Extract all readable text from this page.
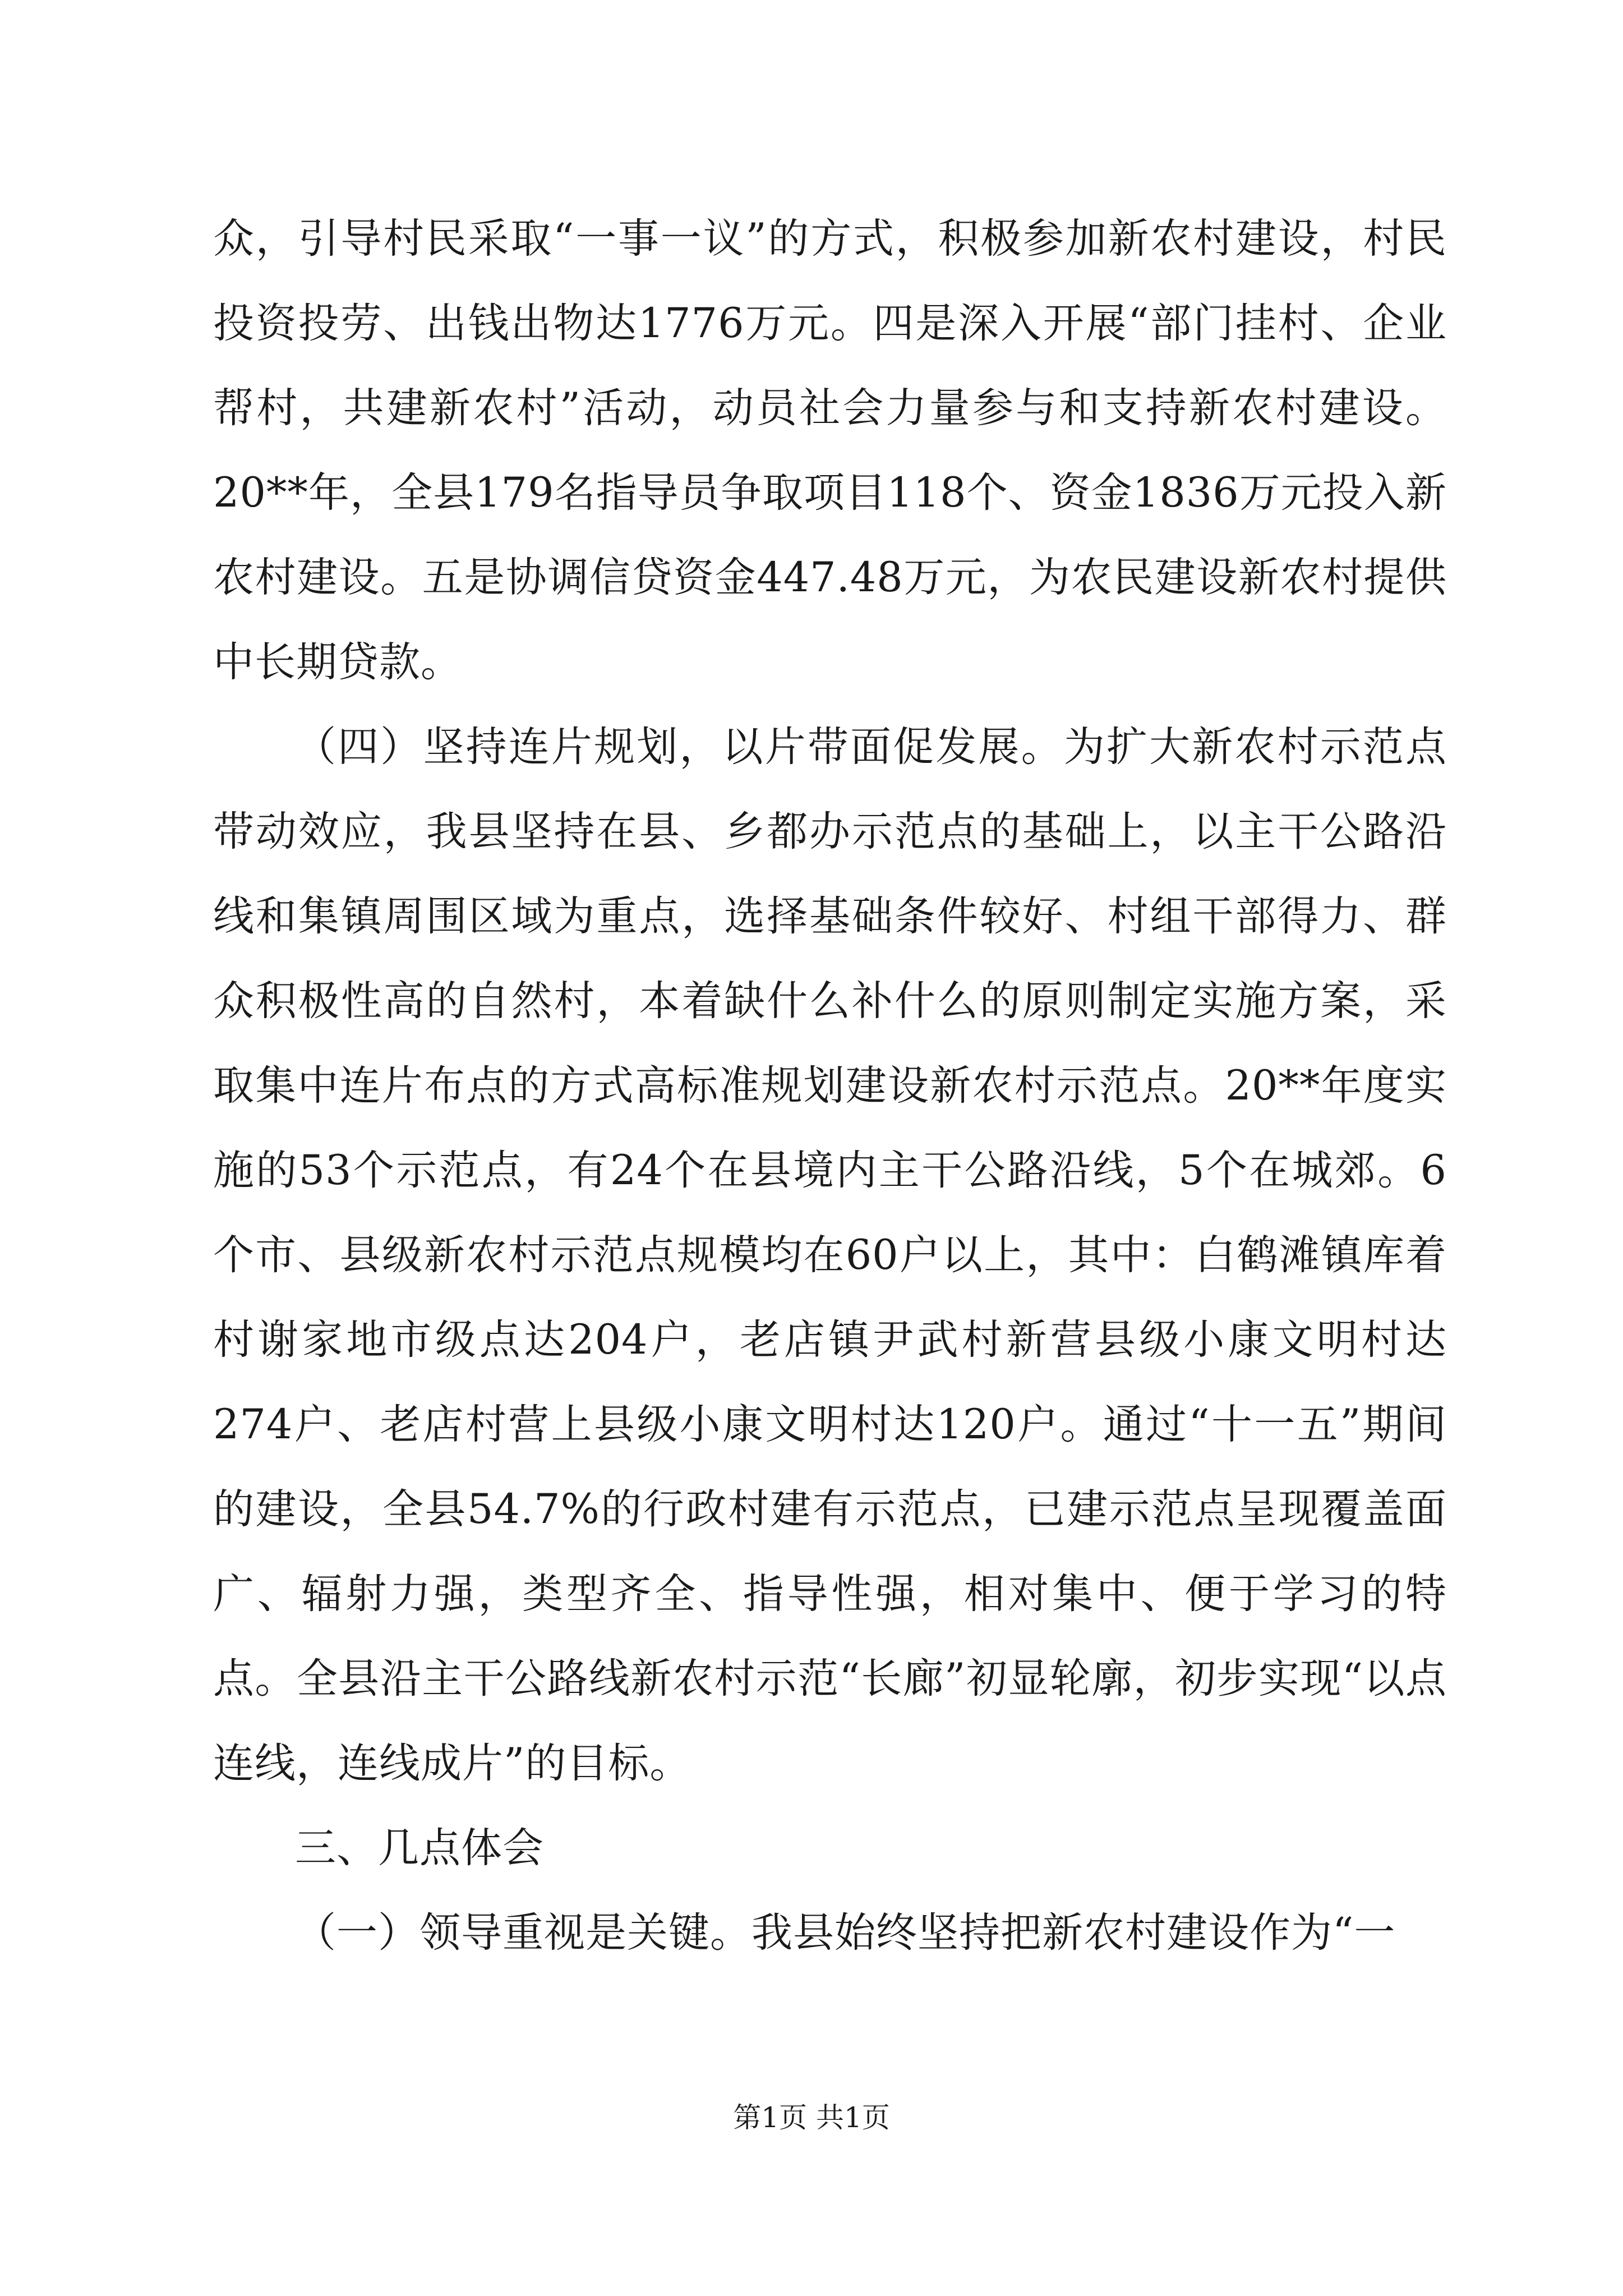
众，引导村民采取“一事一议”的方式，积极参加新农村建设，村民投资投劳、出钱出物达1776万元。四是深入开展“部门挂村、企业帮村，共建新农村”活动，动员社会力量参与和支持新农村建设。20**年，全县179名指导员争取项目118个、资金1836万元投入新农村建设。五是协调信贷资金447.48万元，为农民建设新农村提供中长期贷款。

（四）坚持连片规划，以片带面促发展。为扩大新农村示范点带动效应，我县坚持在县、乡都办示范点的基础上，以主干公路沿线和集镇周围区域为重点，选择基础条件较好、村组干部得力、群众积极性高的自然村，本着缺什么补什么的原则制定实施方案，采取集中连片布点的方式高标准规划建设新农村示范点。20**年度实施的53个示范点，有24个在县境内主干公路沿线，5个在城郊。6个市、县级新农村示范点规模均在60户以上，其中：白鹤滩镇库着村谢家地市级点达204户，老店镇尹武村新营县级小康文明村达274户、老店村营上县级小康文明村达120户。通过“十一五”期间的建设，全县54.7%的行政村建有示范点，已建示范点呈现覆盖面广、辐射力强，类型齐全、指导性强，相对集中、便于学习的特点。全县沿主干公路线新农村示范“长廊”初显轮廓，初步实现“以点连线，连线成片”的目标。

三、几点体会

（一）领导重视是关键。我县始终坚持把新农村建设作为“一

第1页 共1页
